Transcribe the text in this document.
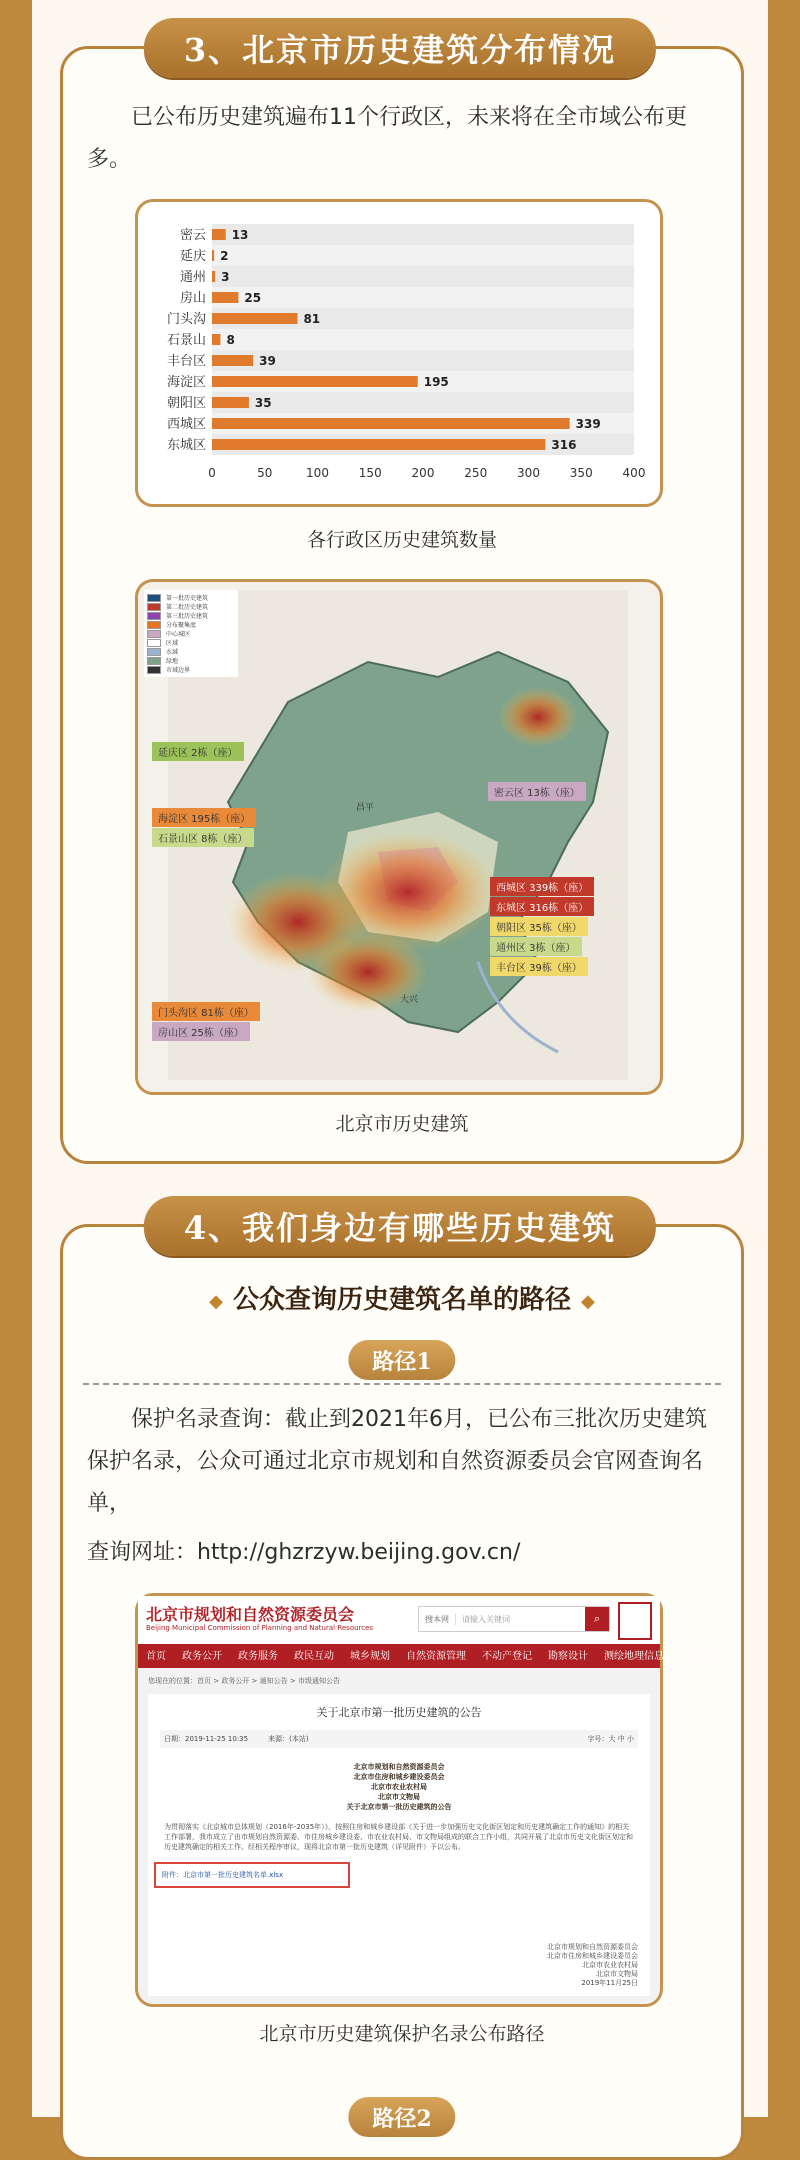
已公布历史建筑遍布11个行政区，未来将在全市域公布更多。
密云 13
延庆 2
通州 3
房山	25
门头沟	81
石景山 8
丰台区	39
海淀区	195
朝阳区	35
西城区	339
东城区	316
0	50	100 150 200 250 300 350 400
各行政区历史建筑数量
昌平
大兴
第一批历史建筑
第二批历史建筑
第三批历史建筑
分布聚集度
中心城区
区域
水域
绿地
市域边界
延庆区 2栋（座）
海淀区 195栋（座）
石景山区 8栋（座）
密云区 13栋（座）
西城区 339栋（座）
东城区 316栋（座）
朝阳区 35栋（座）
通州区 3栋（座）
丰台区 39栋（座）
门头沟区 81栋（座）
房山区 25栋（座）
北京市历史建筑
3、北京市历史建筑分布情况
◆ 公众查询历史建筑名单的路径 ◆
路径1
保护名录查询：截止到2021年6月，已公布三批次历史建筑保护名录，公众可通过北京市规划和自然资源委员会官网查询名单，
查询网址：http://ghzrzyw.beijing.gov.cn/
北京市规划和自然资源委员会
Beijing Municipal Commission of Planning and Natural Resources
搜本网	请输入关键词	⌕
首页 政务公开 政务服务 政民互动 城乡规划 自然资源管理 不动产登记 勘察设计 测绘地理信息 标准管理
您现在的位置：首页 > 政务公开 > 通知公告 > 市级通知公告
关于北京市第一批历史建筑的公告
日期：2019-11-25 10:35	来源：(本站)	字号：大 中 小
北京市规划和自然资源委员会
北京市住房和城乡建设委员会
北京市农业农村局
北京市文物局
关于北京市第一批历史建筑的公告
为贯彻落实《北京城市总体规划（2016年-2035年）》，按照住房和城乡建设部《关于进一步加强历史文化街区划定和历史建筑确定工作的通知》的相关工作部署，我市成立了由市规划自然资源委、市住房城乡建设委、市农业农村局、市文物局组成的联合工作小组，共同开展了北京市历史文化街区划定和历史建筑确定的相关工作。经相关程序审议，现将北京市第一批历史建筑（详见附件）予以公布。
附件：北京市第一批历史建筑名单.xlsx
北京市规划和自然资源委员会
北京市住房和城乡建设委员会
北京市农业农村局
北京市文物局
2019年11月25日
北京市历史建筑保护名录公布路径
路径2
4、我们身边有哪些历史建筑
